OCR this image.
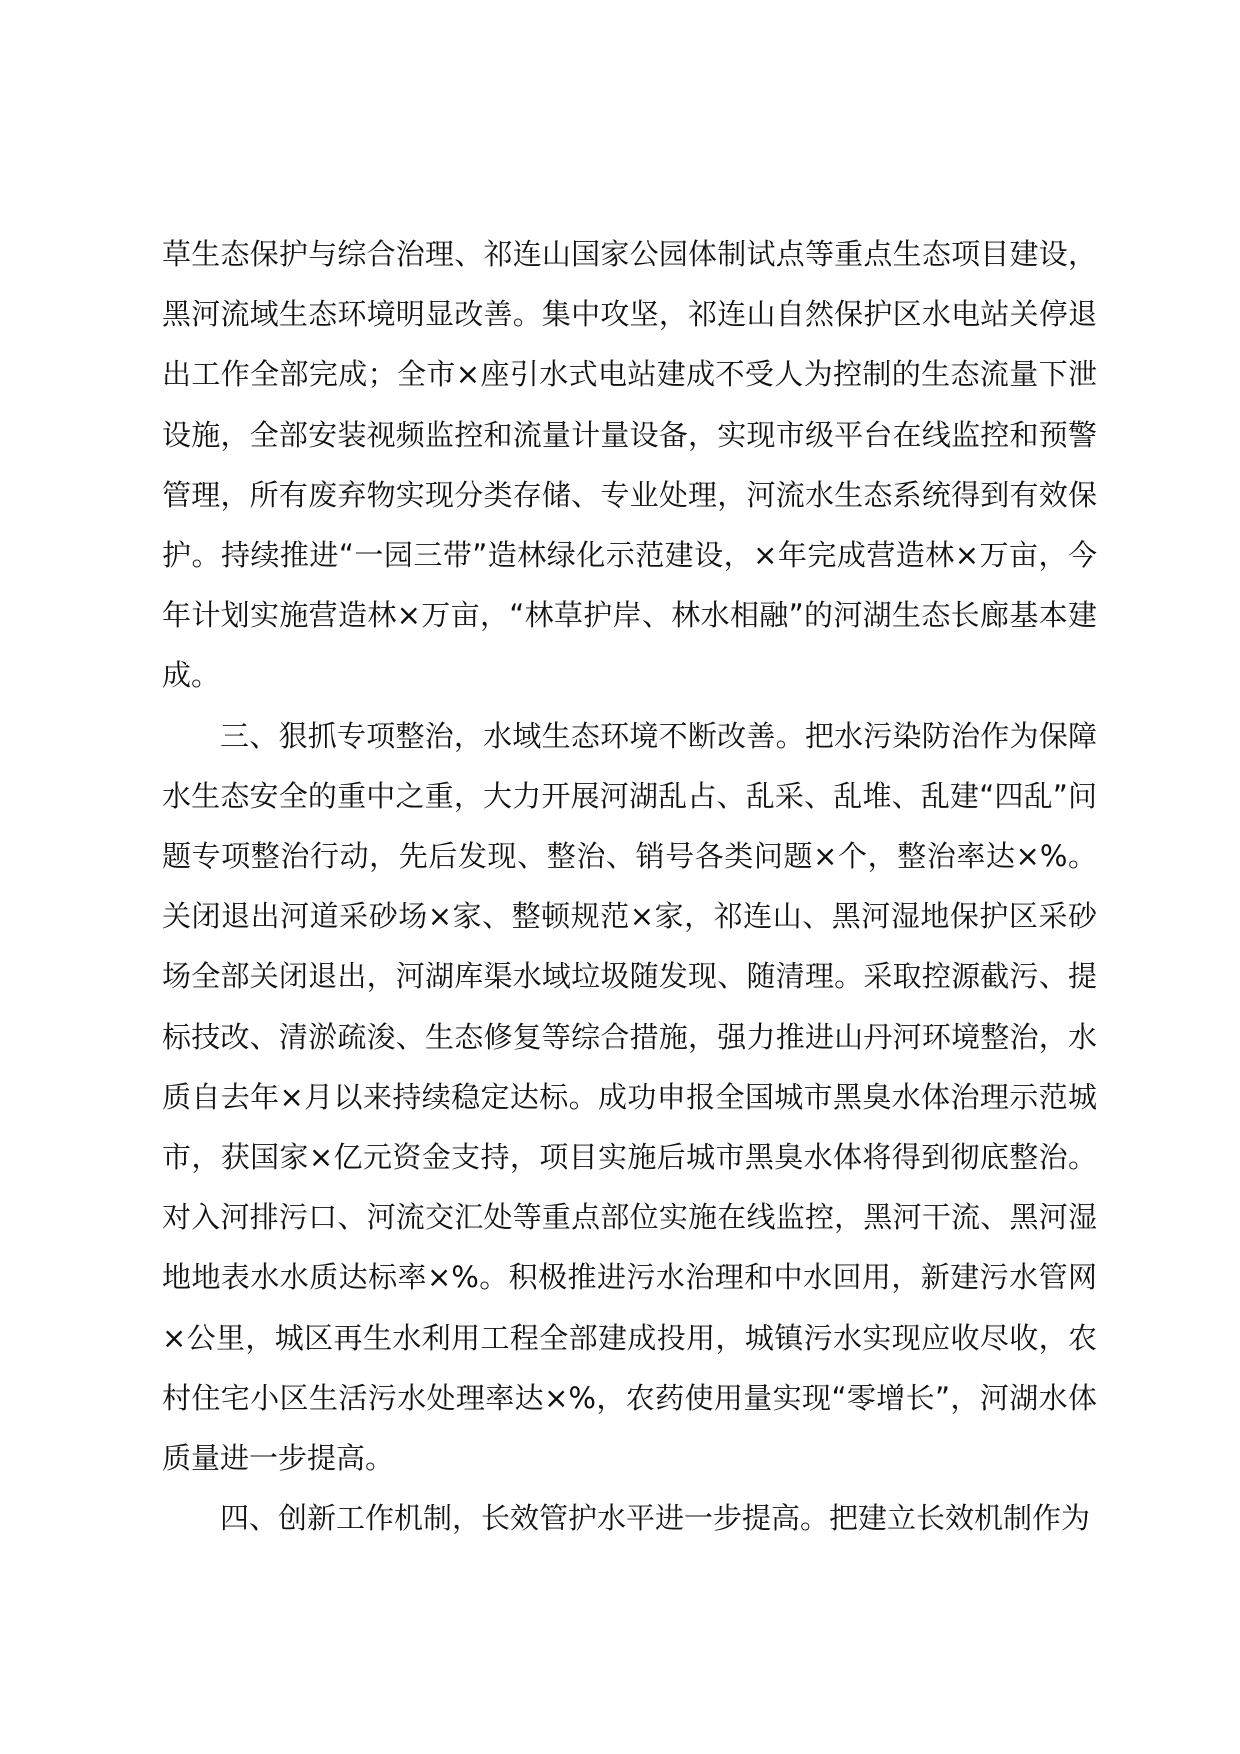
草生态保护与综合治理、祁连山国家公园体制试点等重点生态项目建设，黑河流域生态环境明显改善。集中攻坚，祁连山自然保护区水电站关停退出工作全部完成；全市×座引水式电站建成不受人为控制的生态流量下泄设施，全部安装视频监控和流量计量设备，实现市级平台在线监控和预警管理，所有废弃物实现分类存储、专业处理，河流水生态系统得到有效保护。持续推进“一园三带”造林绿化示范建设，×年完成营造林×万亩，今年计划实施营造林×万亩，“林草护岸、林水相融”的河湖生态长廊基本建成。

三、狠抓专项整治，水域生态环境不断改善。把水污染防治作为保障水生态安全的重中之重，大力开展河湖乱占、乱采、乱堆、乱建“四乱”问题专项整治行动，先后发现、整治、销号各类问题×个，整治率达×%。关闭退出河道采砂场×家、整顿规范×家，祁连山、黑河湿地保护区采砂场全部关闭退出，河湖库渠水域垃圾随发现、随清理。采取控源截污、提标技改、清淤疏浚、生态修复等综合措施，强力推进山丹河环境整治，水质自去年×月以来持续稳定达标。成功申报全国城市黑臭水体治理示范城市，获国家×亿元资金支持，项目实施后城市黑臭水体将得到彻底整治。对入河排污口、河流交汇处等重点部位实施在线监控，黑河干流、黑河湿地地表水水质达标率×%。积极推进污水治理和中水回用，新建污水管网×公里，城区再生水利用工程全部建成投用，城镇污水实现应收尽收，农村住宅小区生活污水处理率达×%，农药使用量实现“零增长”，河湖水体质量进一步提高。

四、创新工作机制，长效管护水平进一步提高。把建立长效机制作为
